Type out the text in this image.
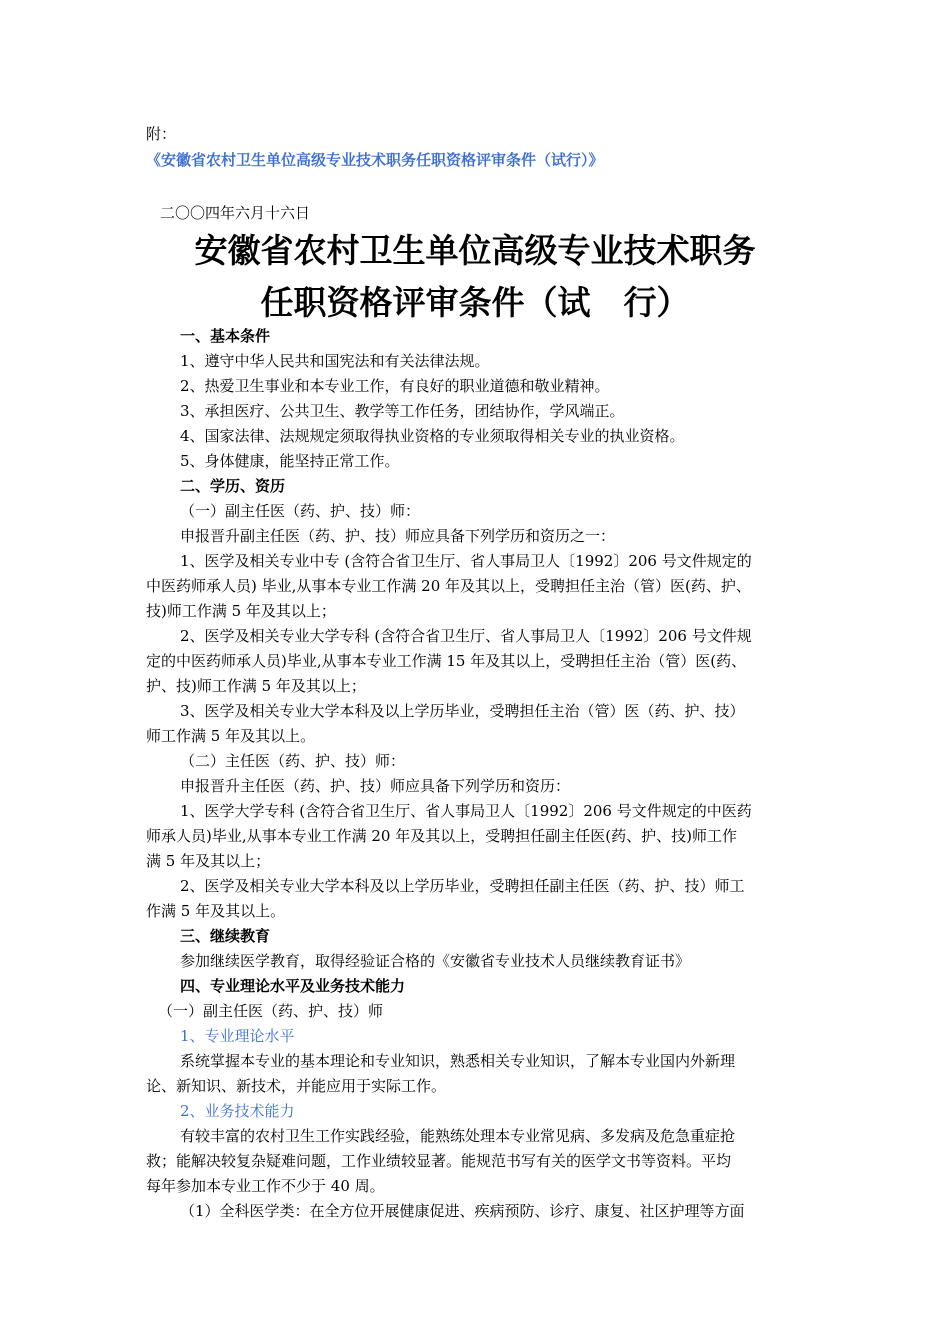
附：
《安徽省农村卫生单位高级专业技术职务任职资格评审条件（试行）》
二〇〇四年六月十六日
安徽省农村卫生单位高级专业技术职务
任职资格评审条件（试　行）
一、基本条件
1、遵守中华人民共和国宪法和有关法律法规。
2、热爱卫生事业和本专业工作，有良好的职业道德和敬业精神。
3、承担医疗、公共卫生、教学等工作任务，团结协作，学风端正。
4、国家法律、法规规定须取得执业资格的专业须取得相关专业的执业资格。
5、身体健康，能坚持正常工作。
二、学历、资历
（一）副主任医（药、护、技）师：
申报晋升副主任医（药、护、技）师应具备下列学历和资历之一：
1、医学及相关专业中专 (含符合省卫生厅、省人事局卫人〔1992〕206 号文件规定的
中医药师承人员) 毕业,从事本专业工作满 20 年及其以上，受聘担任主治（管）医(药、护、
技)师工作满 5 年及其以上；
2、医学及相关专业大学专科 (含符合省卫生厅、省人事局卫人〔1992〕206 号文件规
定的中医药师承人员)毕业,从事本专业工作满 15 年及其以上，受聘担任主治（管）医(药、
护、技)师工作满 5 年及其以上；
3、医学及相关专业大学本科及以上学历毕业，受聘担任主治（管）医（药、护、技）
师工作满 5 年及其以上。
（二）主任医（药、护、技）师：
申报晋升主任医（药、护、技）师应具备下列学历和资历：
1、医学大学专科 (含符合省卫生厅、省人事局卫人〔1992〕206 号文件规定的中医药
师承人员)毕业,从事本专业工作满 20 年及其以上，受聘担任副主任医(药、护、技)师工作
满 5 年及其以上；
2、医学及相关专业大学本科及以上学历毕业，受聘担任副主任医（药、护、技）师工
作满 5 年及其以上。
三、继续教育
参加继续医学教育，取得经验证合格的《安徽省专业技术人员继续教育证书》
四、专业理论水平及业务技术能力
（一）副主任医（药、护、技）师
1、专业理论水平
系统掌握本专业的基本理论和专业知识，熟悉相关专业知识，了解本专业国内外新理
论、新知识、新技术，并能应用于实际工作。
2、业务技术能力
有较丰富的农村卫生工作实践经验，能熟练处理本专业常见病、多发病及危急重症抢
救；能解决较复杂疑难问题，工作业绩较显著。能规范书写有关的医学文书等资料。平均
每年参加本专业工作不少于 40 周。
（1）全科医学类：在全方位开展健康促进、疾病预防、诊疗、康复、社区护理等方面
